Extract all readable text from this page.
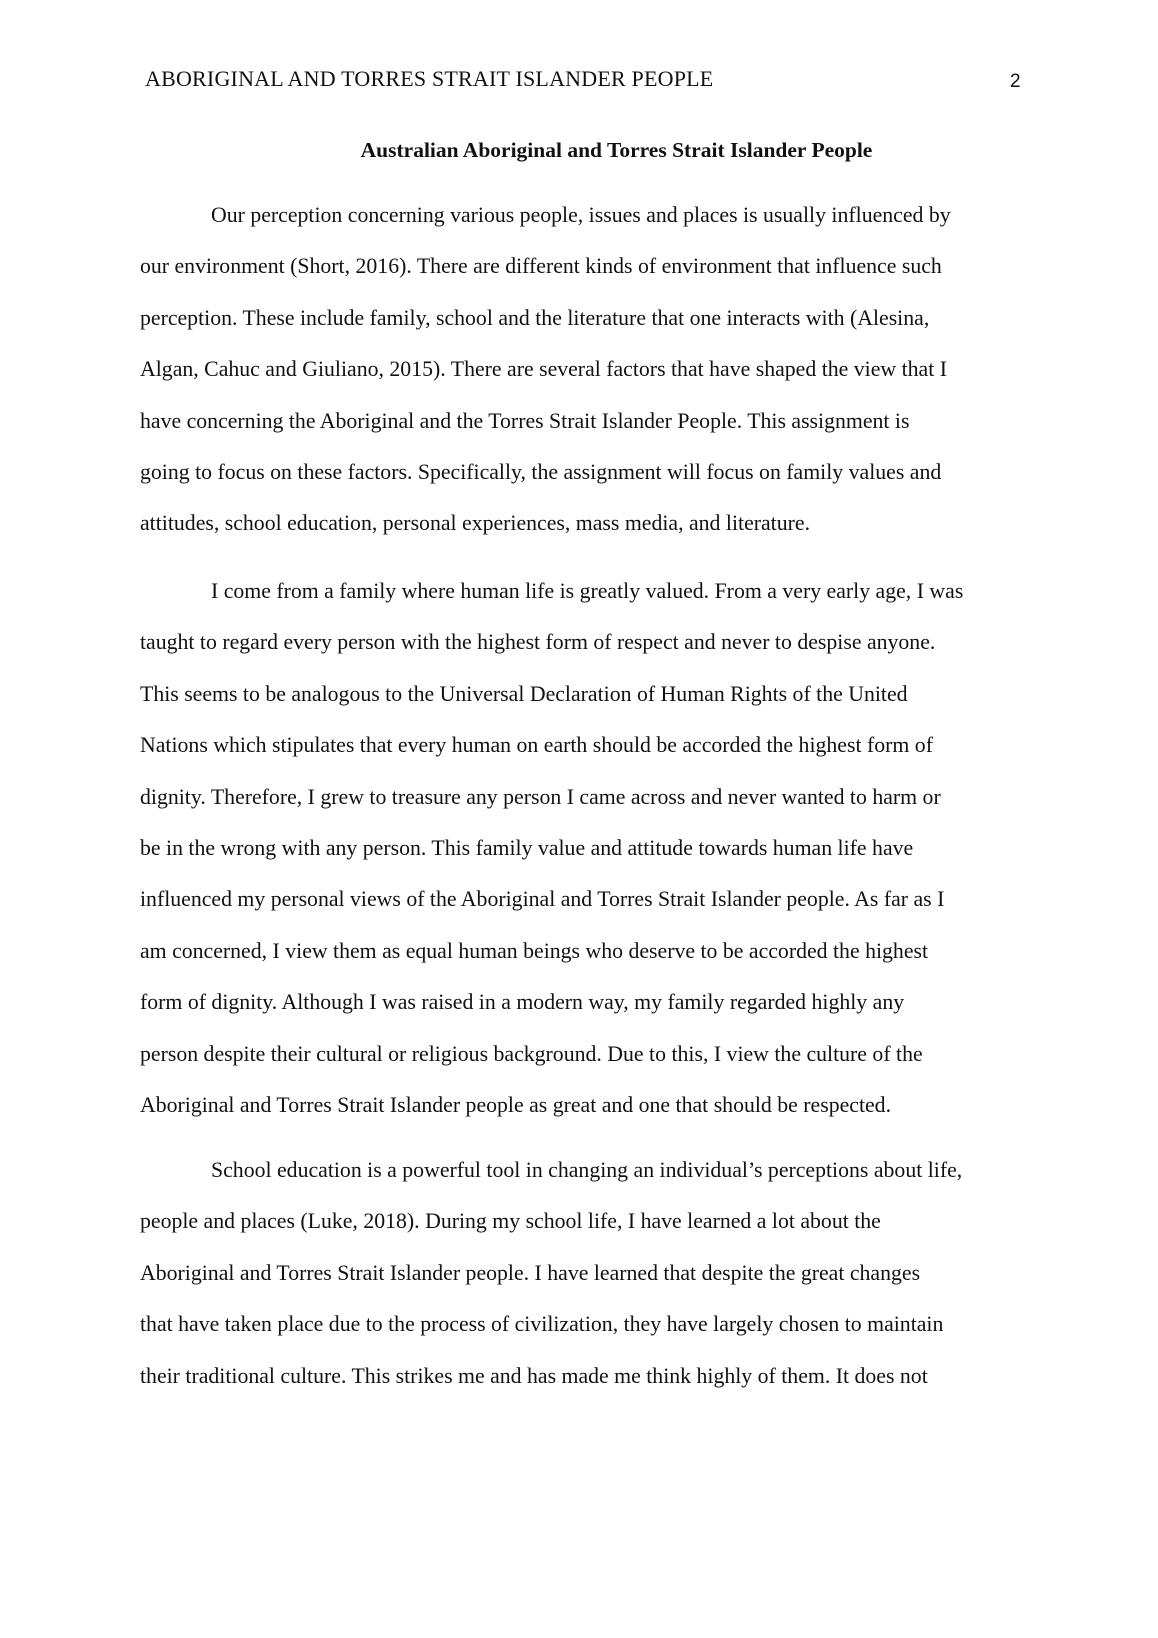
ABORIGINAL AND TORRES STRAIT ISLANDER PEOPLE	2
Australian Aboriginal and Torres Strait Islander People
Our perception concerning various people, issues and places is usually influenced by
our environment (Short, 2016). There are different kinds of environment that influence such
perception. These include family, school and the literature that one interacts with (Alesina,
Algan, Cahuc and Giuliano, 2015). There are several factors that have shaped the view that I
have concerning the Aboriginal and the Torres Strait Islander People. This assignment is
going to focus on these factors. Specifically, the assignment will focus on family values and
attitudes, school education, personal experiences, mass media, and literature.
I come from a family where human life is greatly valued. From a very early age, I was
taught to regard every person with the highest form of respect and never to despise anyone.
This seems to be analogous to the Universal Declaration of Human Rights of the United
Nations which stipulates that every human on earth should be accorded the highest form of
dignity. Therefore, I grew to treasure any person I came across and never wanted to harm or
be in the wrong with any person. This family value and attitude towards human life have
influenced my personal views of the Aboriginal and Torres Strait Islander people. As far as I
am concerned, I view them as equal human beings who deserve to be accorded the highest
form of dignity. Although I was raised in a modern way, my family regarded highly any
person despite their cultural or religious background. Due to this, I view the culture of the
Aboriginal and Torres Strait Islander people as great and one that should be respected.
School education is a powerful tool in changing an individual’s perceptions about life,
people and places (Luke, 2018). During my school life, I have learned a lot about the
Aboriginal and Torres Strait Islander people. I have learned that despite the great changes
that have taken place due to the process of civilization, they have largely chosen to maintain
their traditional culture. This strikes me and has made me think highly of them. It does not
